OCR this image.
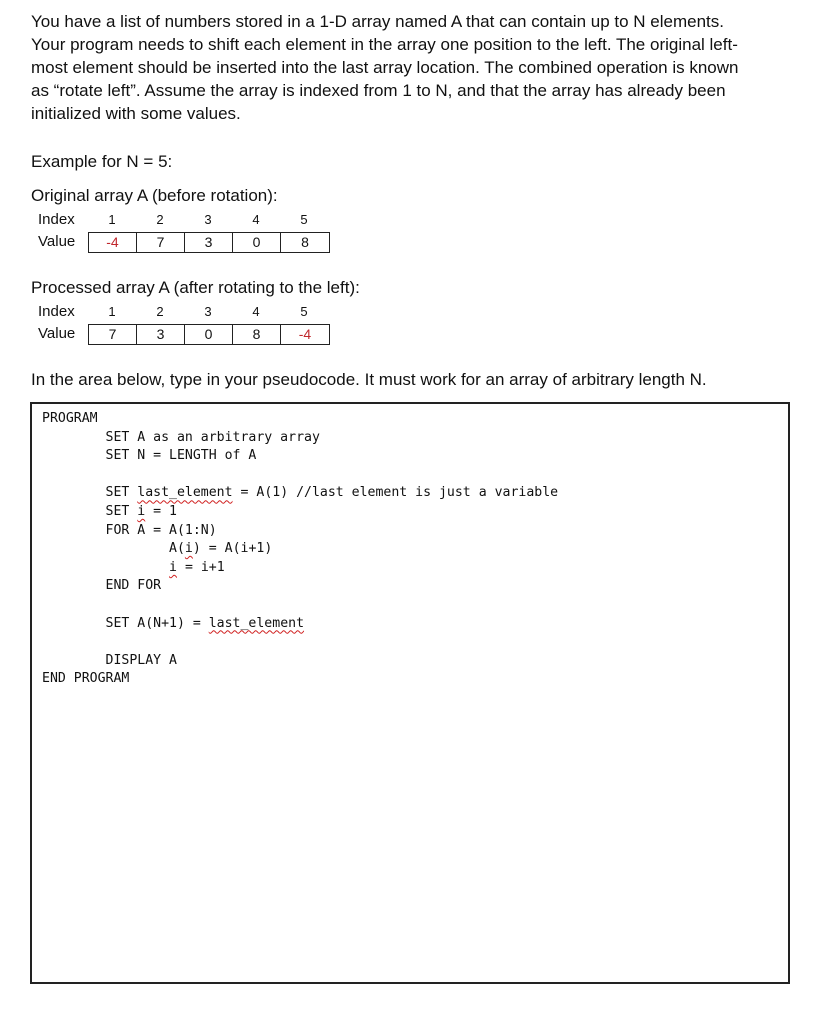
You have a list of numbers stored in a 1-D array named A that can contain up to N elements.

Your program needs to shift each element in the array one position to the left. The original left-

most element should be inserted into the last array location. The combined operation is known

as “rotate left”. Assume the array is indexed from 1 to N, and that the array has already been

initialized with some values.

Example for N = 5:

Original array A (before rotation):

Index	1	2	3	4	5
Value	-4	7	3	0	8

Processed array A (after rotating to the left):

Index	1	2	3	4	5
Value	7	3	0	8	-4

In the area below, type in your pseudocode. It must work for an array of arbitrary length N.

PROGRAM
SET A as an arbitrary array
SET N = LENGTH of A

SET last_element = A(1) //last element is just a variable
SET i = 1
FOR A = A(1:N)
A(i) = A(i+1)
i = i+1
END FOR

SET A(N+1) = last_element

DISPLAY A
END PROGRAM
